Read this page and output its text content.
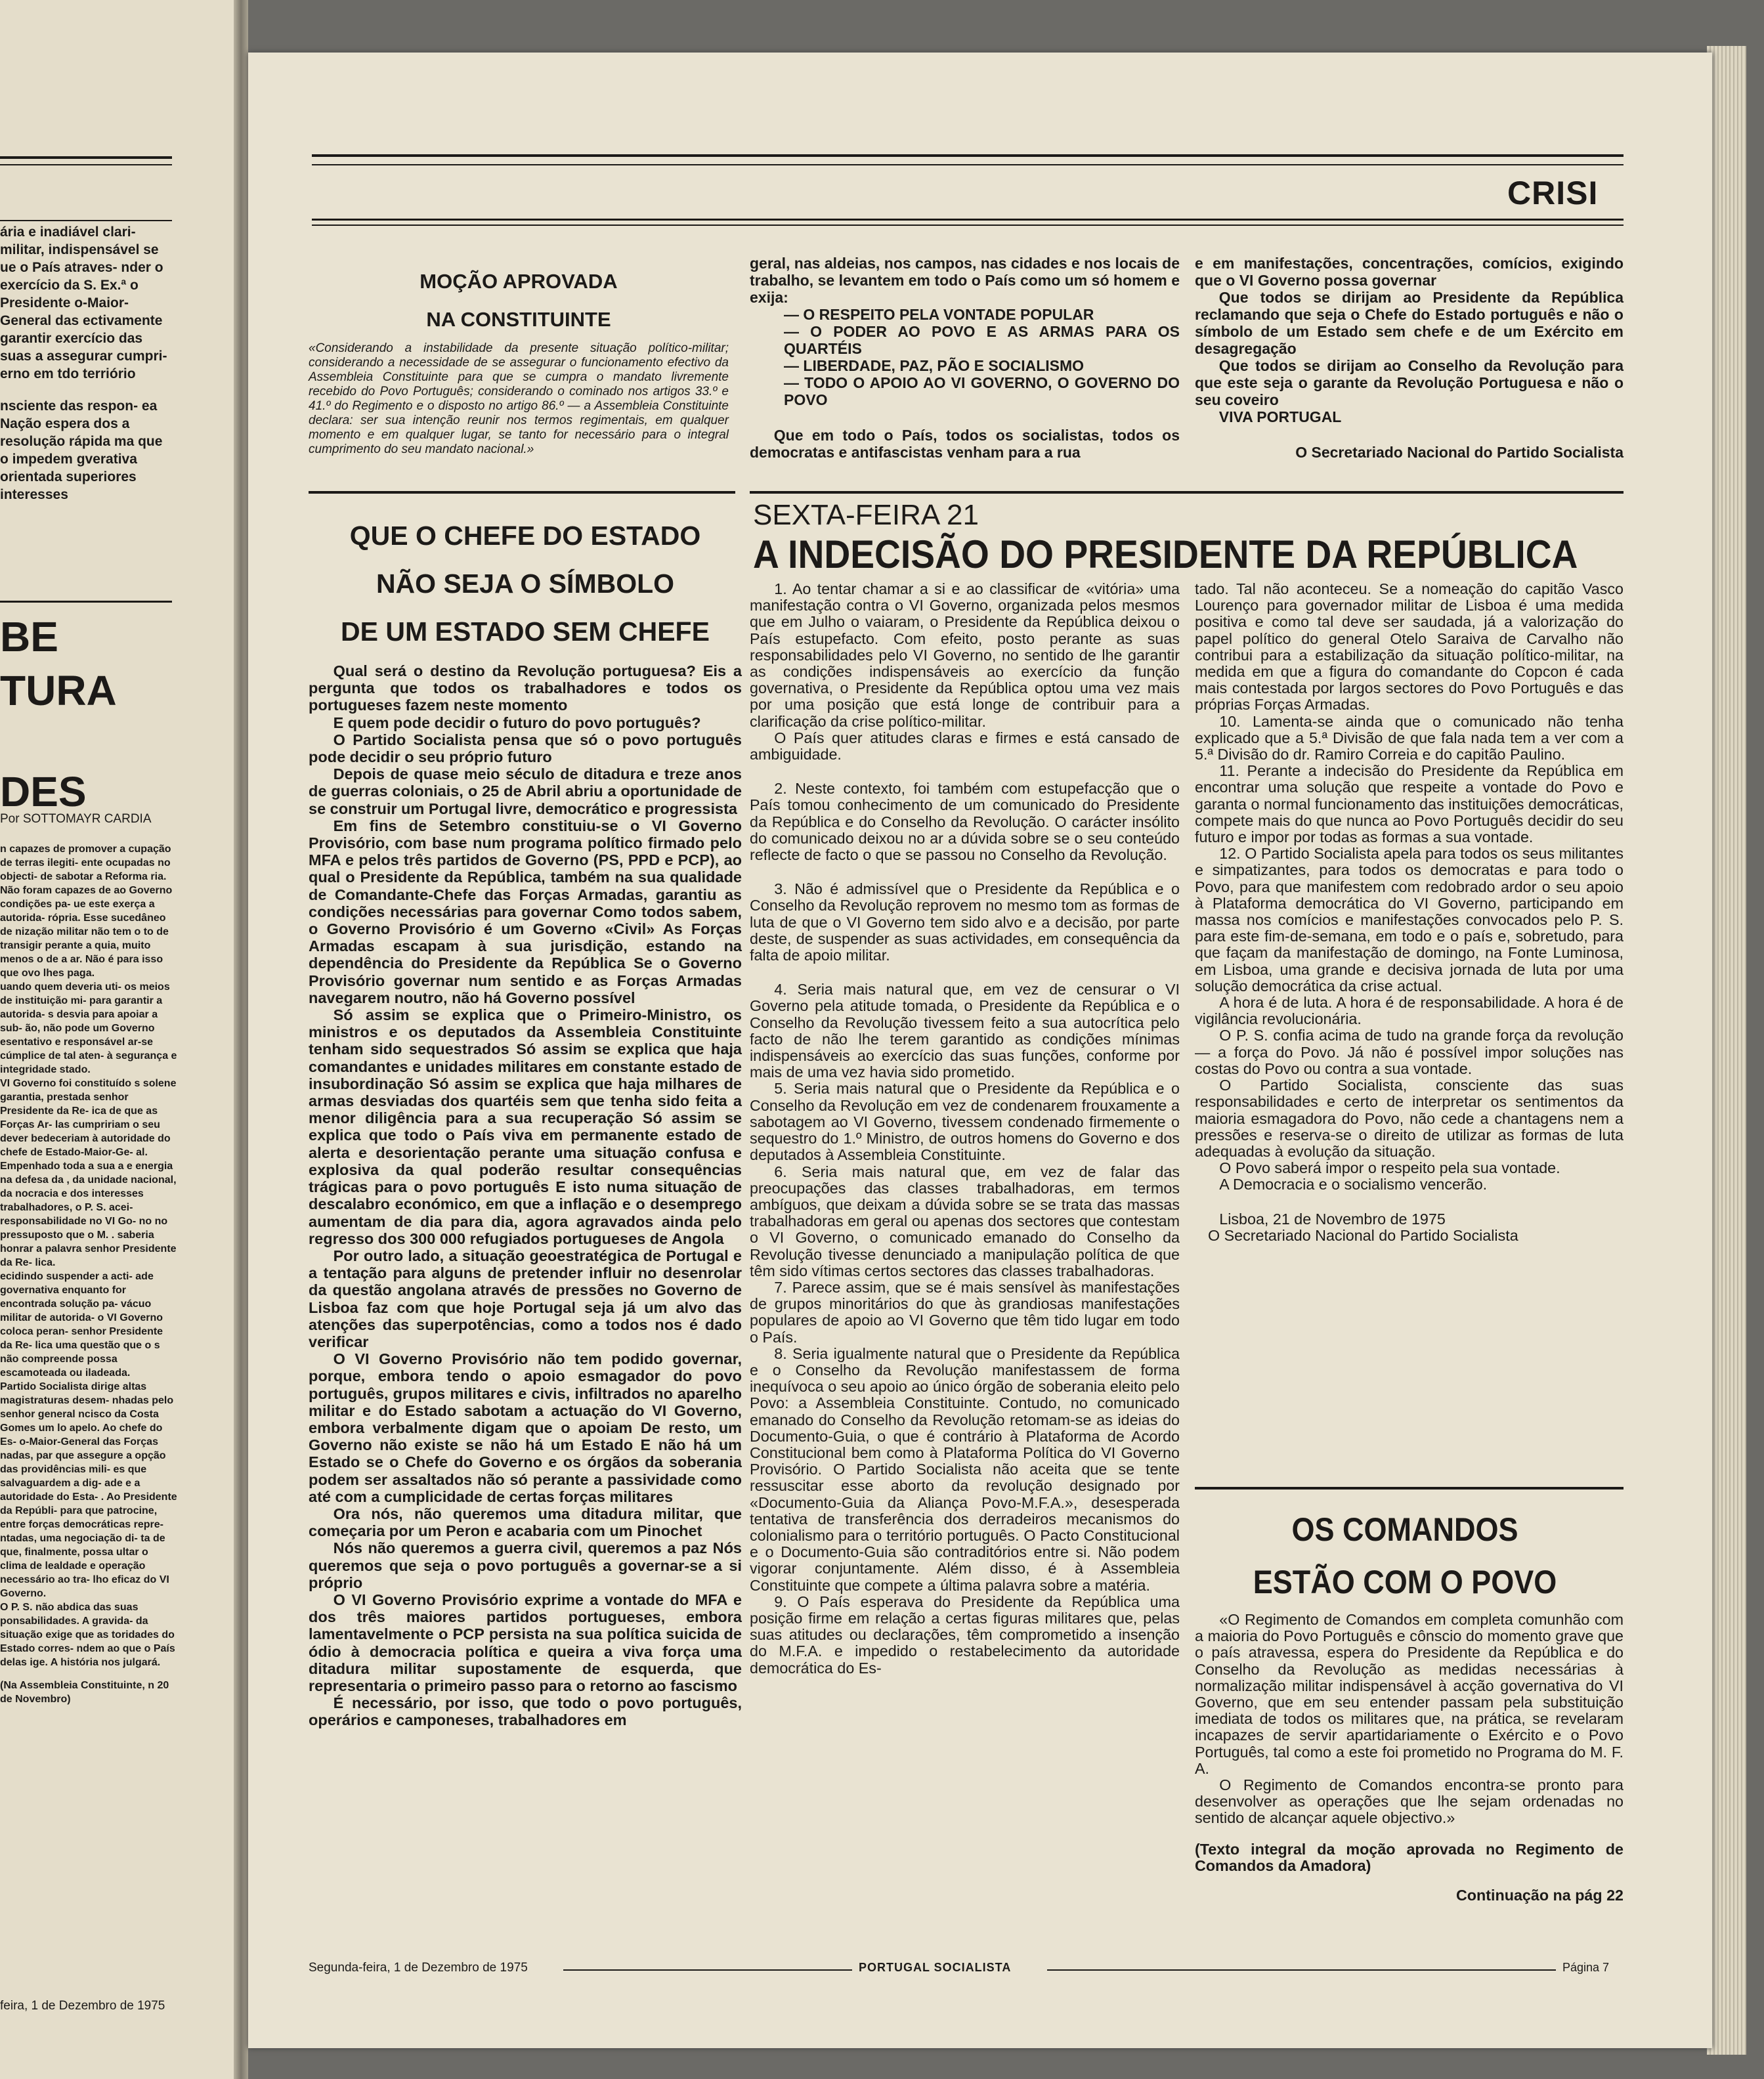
ária e inadiável clari- militar, indispensável se ue o País atraves- nder o exercício da S. Ex.ª o Presidente o-Maior-General das ectivamente garantir exercício das suas a assegurar cumpri- erno em tdo terriório

nsciente das respon- ea Nação espera dos a resolução rápida ma que o impedem gverativa orientada superiores interesses

BE
TURA
DES
Por SOTTOMAYR CARDIA

n capazes de promover a cupação de terras ilegiti- ente ocupadas no objecti- de sabotar a Reforma ria. Não foram capazes de ao Governo condições pa- ue este exerça a autorida- rópria. Esse sucedâneo de nização militar não tem o to de transigir perante a quia, muito menos o de a ar. Não é para isso que ovo lhes paga.

uando quem deveria uti- os meios de instituição mi- para garantir a autorida- s desvia para apoiar a sub- ão, não pode um Governo esentativo e responsável ar-se cúmplice de tal aten- à segurança e integridade stado.

VI Governo foi constituído s solene garantia, prestada senhor Presidente da Re- ica de que as Forças Ar- las cumpririam o seu dever bedeceriam à autoridade do chefe de Estado-Maior-Ge- al. Empenhado toda a sua a e energia na defesa da , da unidade nacional, da nocracia e dos interesses trabalhadores, o P. S. acei- responsabilidade no VI Go- no no pressuposto que o M. . saberia honrar a palavra senhor Presidente da Re- lica.

ecidindo suspender a acti- ade governativa enquanto for encontrada solução pa- vácuo militar de autorida- o VI Governo coloca peran- senhor Presidente da Re- lica uma questão que o s não compreende possa escamoteada ou iladeada.

Partido Socialista dirige altas magistraturas desem- nhadas pelo senhor general ncisco da Costa Gomes um lo apelo. Ao chefe do Es- o-Maior-General das Forças nadas, par que assegure a opção das providências mili- es que salvaguardem a dig- ade e a autoridade do Esta- . Ao Presidente da Repúbli- para que patrocine, entre forças democráticas repre- ntadas, uma negociação di- ta de que, finalmente, possa ultar o clima de lealdade e operação necessário ao tra- lho eficaz do VI Governo.

O P. S. não abdica das suas ponsabilidades. A gravida- da situação exige que as toridades do Estado corres- ndem ao que o País delas ige. A história nos julgará.

(Na Assembleia Constituinte, n 20 de Novembro)

feira, 1 de Dezembro de 1975
CRISI
MOÇÃO APROVADA
NA CONSTITUINTE

«Considerando a instabilidade da presente situação político-militar; considerando a necessidade de se assegurar o funcionamento efectivo da Assembleia Constituinte para que se cumpra o mandato livremente recebido do Povo Português; considerando o cominado nos artigos 33.º e 41.º do Regimento e o disposto no artigo 86.º — a Assembleia Constituinte declara: ser sua intenção reunir nos termos regimentais, em qualquer momento e em qualquer lugar, se tanto for necessário para o integral cumprimento do seu mandato nacional.»

geral, nas aldeias, nos campos, nas cidades e nos locais de trabalho, se levantem em todo o País como um só homem e exija:

— O RESPEITO PELA VONTADE POPULAR

— O PODER AO POVO E AS ARMAS PARA OS QUARTÉIS

— LIBERDADE, PAZ, PÃO E SOCIALISMO

— TODO O APOIO AO VI GOVERNO, O GOVERNO DO POVO

Que em todo o País, todos os socialistas, todos os democratas e antifascistas venham para a rua

e em manifestações, concentrações, comícios, exigindo que o VI Governo possa governar

Que todos se dirijam ao Presidente da República reclamando que seja o Chefe do Estado português e não o símbolo de um Estado sem chefe e de um Exército em desagregação

Que todos se dirijam ao Conselho da Revolução para que este seja o garante da Revolução Portuguesa e não o seu coveiro

VIVA PORTUGAL

O Secretariado Nacional do Partido Socialista

QUE O CHEFE DO ESTADO
NÃO SEJA O SÍMBOLO
DE UM ESTADO SEM CHEFE

Qual será o destino da Revolução portuguesa? Eis a pergunta que todos os trabalhadores e todos os portugueses fazem neste momento

E quem pode decidir o futuro do povo português?

O Partido Socialista pensa que só o povo português pode decidir o seu próprio futuro

Depois de quase meio século de ditadura e treze anos de guerras coloniais, o 25 de Abril abriu a oportunidade de se construir um Portugal livre, democrático e progressista

Em fins de Setembro constituiu-se o VI Governo Provisório, com base num programa político firmado pelo MFA e pelos três partidos de Governo (PS, PPD e PCP), ao qual o Presidente da República, também na sua qualidade de Comandante-Chefe das Forças Armadas, garantiu as condições necessárias para governar Como todos sabem, o Governo Provisório é um Governo «Civil» As Forças Armadas escapam à sua jurisdição, estando na dependência do Presidente da República Se o Governo Provisório governar num sentido e as Forças Armadas navegarem noutro, não há Governo possível

Só assim se explica que o Primeiro-Ministro, os ministros e os deputados da Assembleia Constituinte tenham sido sequestrados Só assim se explica que haja comandantes e unidades militares em constante estado de insubordinação Só assim se explica que haja milhares de armas desviadas dos quartéis sem que tenha sido feita a menor diligência para a sua recuperação Só assim se explica que todo o País viva em permanente estado de alerta e desorientação perante uma situação confusa e explosiva da qual poderão resultar consequências trágicas para o povo português E isto numa situação de descalabro económico, em que a inflação e o desemprego aumentam de dia para dia, agora agravados ainda pelo regresso dos 300 000 refugiados portugueses de Angola

Por outro lado, a situação geoestratégica de Portugal e a tentação para alguns de pretender influir no desenrolar da questão angolana através de pressões no Governo de Lisboa faz com que hoje Portugal seja já um alvo das atenções das superpotências, como a todos nos é dado verificar

O VI Governo Provisório não tem podido governar, porque, embora tendo o apoio esmagador do povo português, grupos militares e civis, infiltrados no aparelho militar e do Estado sabotam a actuação do VI Governo, embora verbalmente digam que o apoiam De resto, um Governo não existe se não há um Estado E não há um Estado se o Chefe do Governo e os órgãos da soberania podem ser assaltados não só perante a passividade como até com a cumplicidade de certas forças militares

Ora nós, não queremos uma ditadura militar, que começaria por um Peron e acabaria com um Pinochet

Nós não queremos a guerra civil, queremos a paz Nós queremos que seja o povo português a governar-se a si próprio

O VI Governo Provisório exprime a vontade do MFA e dos três maiores partidos portugueses, embora lamentavelmente o PCP persista na sua política suicida de ódio à democracia política e queira a viva força uma ditadura militar supostamente de esquerda, que representaria o primeiro passo para o retorno ao fascismo

É necessário, por isso, que todo o povo português, operários e camponeses, trabalhadores em

SEXTA-FEIRA 21
A INDECISÃO DO PRESIDENTE DA REPÚBLICA

1. Ao tentar chamar a si e ao classificar de «vitória» uma manifestação contra o VI Governo, organizada pelos mesmos que em Julho o vaiaram, o Presidente da República deixou o País estupefacto. Com efeito, posto perante as suas responsabilidades pelo VI Governo, no sentido de lhe garantir as condições indispensáveis ao exercício da função governativa, o Presidente da República optou uma vez mais por uma posição que está longe de contribuir para a clarificação da crise político-militar.

O País quer atitudes claras e firmes e está cansado de ambiguidade.

2. Neste contexto, foi também com estupefacção que o País tomou conhecimento de um comunicado do Presidente da República e do Conselho da Revolução. O carácter insólito do comunicado deixou no ar a dúvida sobre se o seu conteúdo reflecte de facto o que se passou no Conselho da Revolução.

3. Não é admissível que o Presidente da República e o Conselho da Revolução reprovem no mesmo tom as formas de luta de que o VI Governo tem sido alvo e a decisão, por parte deste, de suspender as suas actividades, em consequência da falta de apoio militar.

4. Seria mais natural que, em vez de censurar o VI Governo pela atitude tomada, o Presidente da República e o Conselho da Revolução tivessem feito a sua autocrítica pelo facto de não lhe terem garantido as condições mínimas indispensáveis ao exercício das suas funções, conforme por mais de uma vez havia sido prometido.

5. Seria mais natural que o Presidente da República e o Conselho da Revolução em vez de condenarem frouxamente a sabotagem ao VI Governo, tivessem condenado firmemente o sequestro do 1.º Ministro, de outros homens do Governo e dos deputados à Assembleia Constituinte.

6. Seria mais natural que, em vez de falar das preocupações das classes trabalhadoras, em termos ambíguos, que deixam a dúvida sobre se se trata das massas trabalhadoras em geral ou apenas dos sectores que contestam o VI Governo, o comunicado emanado do Conselho da Revolução tivesse denunciado a manipulação política de que têm sido vítimas certos sectores das classes trabalhadoras.

7. Parece assim, que se é mais sensível às manifestações de grupos minoritários do que às grandiosas manifestações populares de apoio ao VI Governo que têm tido lugar em todo o País.

8. Seria igualmente natural que o Presidente da República e o Conselho da Revolução manifestassem de forma inequívoca o seu apoio ao único órgão de soberania eleito pelo Povo: a Assembleia Constituinte. Contudo, no comunicado emanado do Conselho da Revolução retomam-se as ideias do Documento-Guia, o que é contrário à Plataforma de Acordo Constitucional bem como à Plataforma Política do VI Governo Provisório. O Partido Socialista não aceita que se tente ressuscitar esse aborto da revolução designado por «Documento-Guia da Aliança Povo-M.F.A.», desesperada tentativa de transferência dos derradeiros mecanismos do colonialismo para o território português. O Pacto Constitucional e o Documento-Guia são contraditórios entre si. Não podem vigorar conjuntamente. Além disso, é à Assembleia Constituinte que compete a última palavra sobre a matéria.

9. O País esperava do Presidente da República uma posição firme em relação a certas figuras militares que, pelas suas atitudes ou declarações, têm comprometido a insenção do M.F.A. e impedido o restabelecimento da autoridade democrática do Es-

tado. Tal não aconteceu. Se a nomeação do capitão Vasco Lourenço para governador militar de Lisboa é uma medida positiva e como tal deve ser saudada, já a valorização do papel político do general Otelo Saraiva de Carvalho não contribui para a estabilização da situação político-militar, na medida em que a figura do comandante do Copcon é cada mais contestada por largos sectores do Povo Português e das próprias Forças Armadas.

10. Lamenta-se ainda que o comunicado não tenha explicado que a 5.ª Divisão de que fala nada tem a ver com a 5.ª Divisão do dr. Ramiro Correia e do capitão Paulino.

11. Perante a indecisão do Presidente da República em encontrar uma solução que respeite a vontade do Povo e garanta o normal funcionamento das instituições democráticas, compete mais do que nunca ao Povo Português decidir do seu futuro e impor por todas as formas a sua vontade.

12. O Partido Socialista apela para todos os seus militantes e simpatizantes, para todos os democratas e para todo o Povo, para que manifestem com redobrado ardor o seu apoio à Plataforma democrática do VI Governo, participando em massa nos comícios e manifestações convocados pelo P. S. para este fim-de-semana, em todo e o país e, sobretudo, para que façam da manifestação de domingo, na Fonte Luminosa, em Lisboa, uma grande e decisiva jornada de luta por uma solução democrática da crise actual.

A hora é de luta. A hora é de responsabilidade. A hora é de vigilância revolucionária.

O P. S. confia acima de tudo na grande força da revolução — a força do Povo. Já não é possível impor soluções nas costas do Povo ou contra a sua vontade.

O Partido Socialista, consciente das suas responsabilidades e certo de interpretar os sentimentos da maioria esmagadora do Povo, não cede a chantagens nem a pressões e reserva-se o direito de utilizar as formas de luta adequadas à evolução da situação.

O Povo saberá impor o respeito pela sua vontade.

A Democracia e o socialismo vencerão.

Lisboa, 21 de Novembro de 1975

O Secretariado Nacional do Partido Socialista

OS COMANDOS
ESTÃO COM O POVO

«O Regimento de Comandos em completa comunhão com a maioria do Povo Português e cônscio do momento grave que o país atravessa, espera do Presidente da República e do Conselho da Revolução as medidas necessárias à normalização militar indispensável à acção governativa do VI Governo, que em seu entender passam pela substituição imediata de todos os militares que, na prática, se revelaram incapazes de servir apartidariamente o Exército e o Povo Português, tal como a este foi prometido no Programa do M. F. A.

O Regimento de Comandos encontra-se pronto para desenvolver as operações que lhe sejam ordenadas no sentido de alcançar aquele objectivo.»

(Texto integral da moção aprovada no Regimento de Comandos da Amadora)

Continuação na pág 22

Segunda-feira, 1 de Dezembro de 1975	PORTUGAL SOCIALISTA	Página 7
